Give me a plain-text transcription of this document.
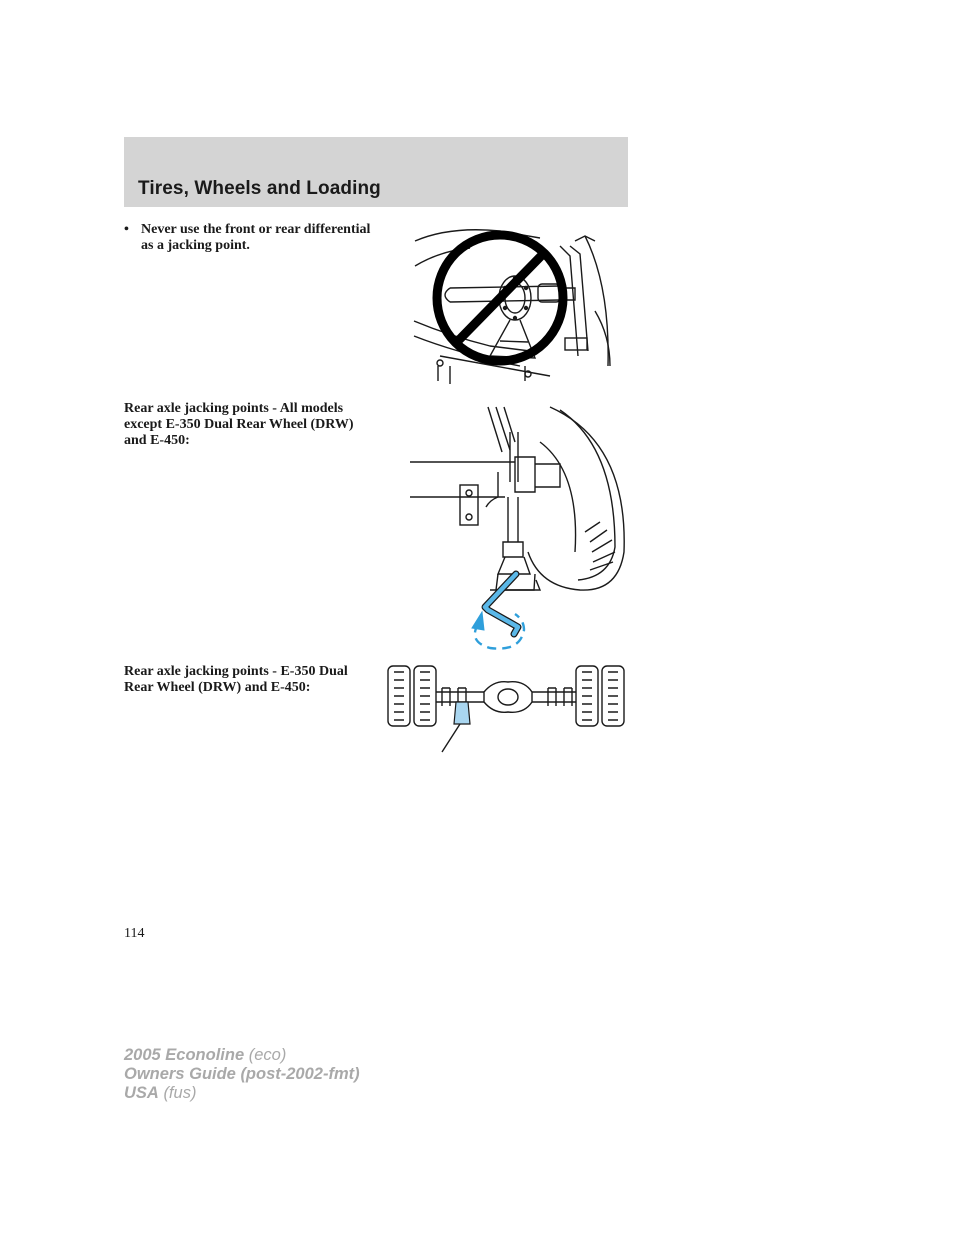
Tires, Wheels and Loading
• Never use the front or rear differential as a jacking point.
Rear axle jacking points - All models except E-350 Dual Rear Wheel (DRW) and E-450:
Rear axle jacking points - E-350 Dual Rear Wheel (DRW) and E-450:
114
2005 Econoline (eco)
Owners Guide (post-2002-fmt)
USA (fus)
